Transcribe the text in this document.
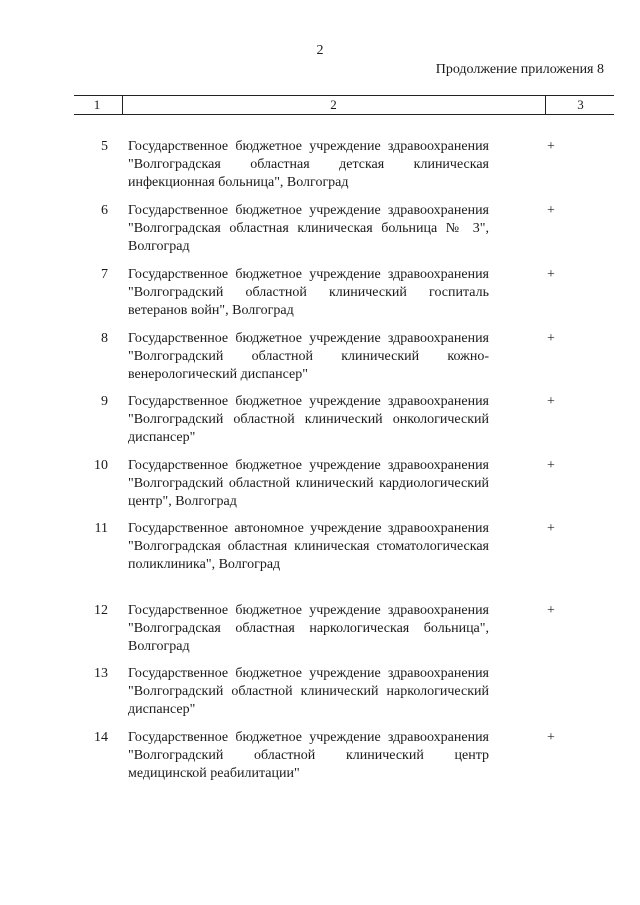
2
Продолжение приложения 8
1	2	3
5 Государственное бюджетное учреждение здравоохранения "Волгоградская областная детская клиническая инфекционная больница", Волгоград
+
6 Государственное бюджетное учреждение здравоохранения "Волгоградская областная клиническая больница № 3", Волгоград
+
7 Государственное бюджетное учреждение здравоохранения "Волгоградский областной клинический госпиталь ветеранов войн", Волгоград
+
8 Государственное бюджетное учреждение здравоохранения "Волгоградский областной клинический кожно-венерологический диспансер"
+
9 Государственное бюджетное учреждение здравоохранения "Волгоградский областной клинический онкологический диспансер"
+
10 Государственное бюджетное учреждение здравоохранения "Волгоградский областной клинический кардиологический центр", Волгоград
+
11 Государственное автономное учреждение здравоохранения "Волгоградская областная клиническая стоматологическая поликлиника", Волгоград
+
12 Государственное бюджетное учреждение здравоохранения "Волгоградская областная наркологическая больница", Волгоград
+
13 Государственное бюджетное учреждение здравоохранения "Волгоградский областной клинический наркологический диспансер"
14 Государственное бюджетное учреждение здравоохранения "Волгоградский областной клинический центр медицинской реабилитации"
+
